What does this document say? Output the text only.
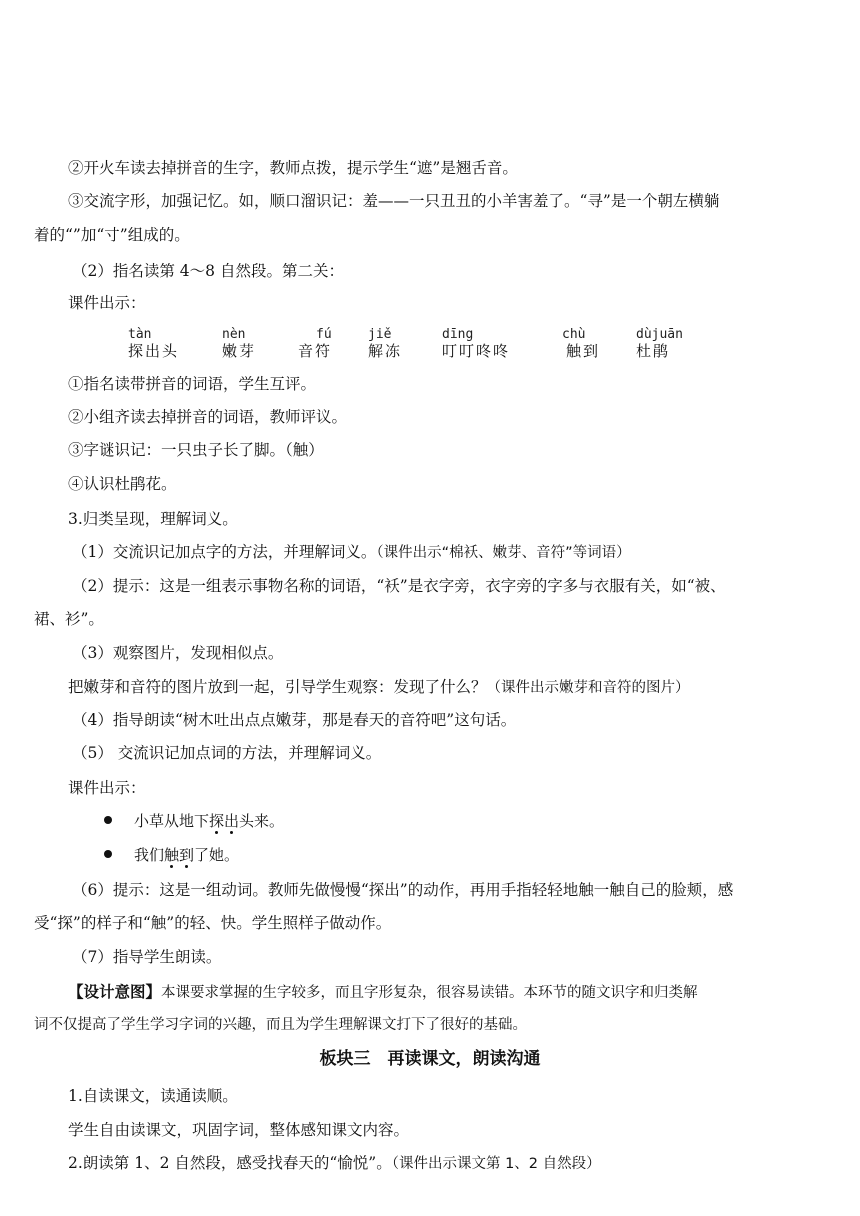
②开火车读去掉拼音的生字，教师点拨，提示学生“遮”是翘舌音。
③交流字形，加强记忆。如，顺口溜识记：羞——一只丑丑的小羊害羞了。“寻”是一个朝左横躺
着的“”加“寸”组成的。
（2）指名读第 4～8 自然段。第二关：
课件出示：
tàn
探出头
nèn
嫩芽
fú
音符
jiě
解冻
dīng
叮叮咚咚
chù
触到
dùjuān
杜鹃
①指名读带拼音的词语，学生互评。
②小组齐读去掉拼音的词语，教师评议。
③字谜识记：一只虫子长了脚。（触）
④认识杜鹃花。
3.归类呈现，理解词义。
（1）交流识记加点字的方法，并理解词义。（课件出示“棉袄、嫩芽、音符”等词语）
（2）提示：这是一组表示事物名称的词语，“袄”是衣字旁，衣字旁的字多与衣服有关，如“被、
裙、衫”。
（3）观察图片，发现相似点。
把嫩芽和音符的图片放到一起，引导学生观察：发现了什么？（课件出示嫩芽和音符的图片）
（4）指导朗读“树木吐出点点嫩芽，那是春天的音符吧”这句话。
（5） 交流识记加点词的方法，并理解词义。
课件出示：
小草从地下探出头来。
我们触到了她。
（6）提示：这是一组动词。教师先做慢慢“探出”的动作，再用手指轻轻地触一触自己的脸颊，感
受“探”的样子和“触”的轻、快。学生照样子做动作。
（7）指导学生朗读。
【设计意图】本课要求掌握的生字较多，而且字形复杂，很容易读错。本环节的随文识字和归类解
词不仅提高了学生学习字词的兴趣，而且为学生理解课文打下了很好的基础。
板块三　再读课文，朗读沟通
1.自读课文，读通读顺。
学生自由读课文，巩固字词，整体感知课文内容。
2.朗读第 1、2 自然段，感受找春天的“愉悦”。（课件出示课文第 1、2 自然段）
